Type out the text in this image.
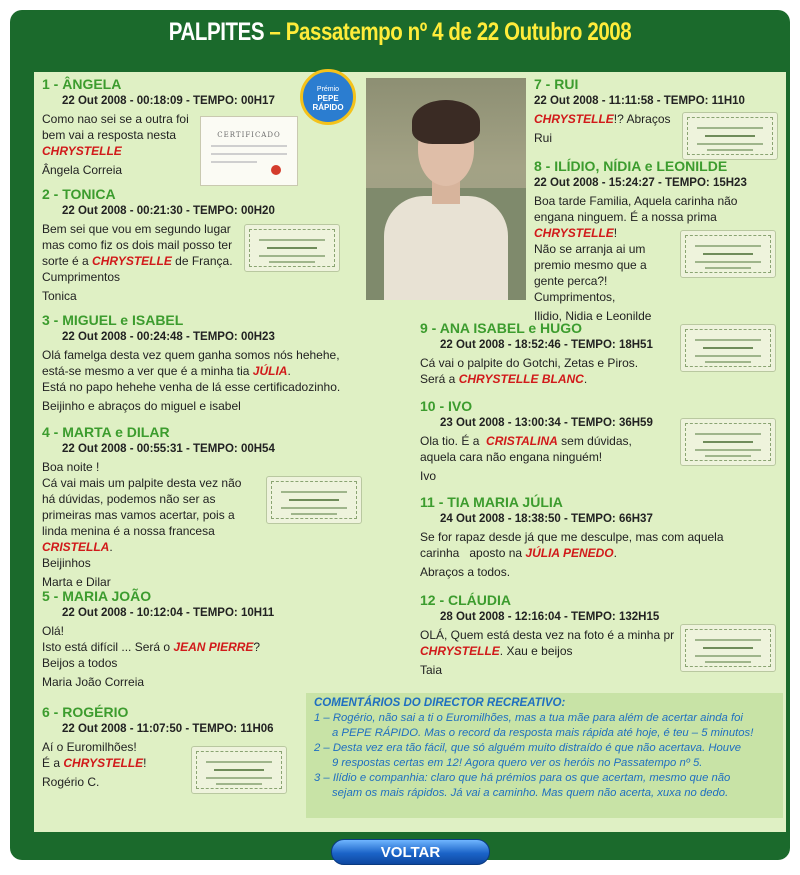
PALPITES – Passatempo nº 4 de 22 Outubro 2008
1 - ÂNGELA
22 Out 2008 - 00:18:09 - TEMPO: 00H17

Como nao sei se a outra foi

bem vai a resposta nesta

CHRYSTELLE

Ângela Correia

CERTIFICADO
2 - TONICA
22 Out 2008 - 00:21:30 - TEMPO: 00H20

Bem sei que vou em segundo lugar

mas como fiz os dois mail posso ter

sorte é a CHRYSTELLE de França.

Cumprimentos

Tonica

3 - MIGUEL e ISABEL
22 Out 2008 - 00:24:48 - TEMPO: 00H23

Olá famelga desta vez quem ganha somos nós hehehe,

está-se mesmo a ver que é a minha tia JÚLIA.

Está no papo hehehe venha de lá esse certificadozinho.

Beijinho e abraços do miguel e isabel

4 - MARTA e DILAR
22 Out 2008 - 00:55:31 - TEMPO: 00H54

Boa noite !

Cá vai mais um palpite desta vez não

há dúvidas, podemos não ser as

primeiras mas vamos acertar, pois a

linda menina é a nossa francesa

CRISTELLA.

Beijinhos

Marta e Dilar

5 - MARIA JOÃO
22 Out 2008 - 10:12:04 - TEMPO: 10H11

Olá!

Isto está difícil ... Será o JEAN PIERRE?

Beijos a todos

Maria João Correia

6 - ROGÉRIO
22 Out 2008 - 11:07:50 - TEMPO: 11H06

Aí o Euromilhões!

É a CHRYSTELLE!

Rogério C.

7 - RUI
22 Out 2008 - 11:11:58 - TEMPO: 11H10

CHRYSTELLE!? Abraços

Rui

8 - ILÍDIO, NÍDIA e LEONILDE
22 Out 2008 - 15:24:27 - TEMPO: 15H23

Boa tarde Familia, Aquela carinha não

engana ninguem. É a nossa prima

CHRYSTELLE!

Não se arranja ai um

premio mesmo que a

gente perca?!

Cumprimentos,

Ilidio, Nidia e Leonilde

9 - ANA ISABEL e HUGO
22 Out 2008 - 18:52:46 - TEMPO: 18H51

Cá vai o palpite do Gotchi, Zetas e Piros.

Será a CHRYSTELLE BLANC.

10 - IVO
23 Out 2008 - 13:00:34 - TEMPO: 36H59

Ola tio. É a  CRISTALINA sem dúvidas,

aquela cara não engana ninguém!

Ivo

11 - TIA MARIA JÚLIA
24 Out 2008 - 18:38:50 - TEMPO: 66H37

Se for rapaz desde já que me desculpe, mas com aquela

carinha   aposto na JÚLIA PENEDO.

Abraços a todos.

12 - CLÁUDIA
28 Out 2008 - 12:16:04 - TEMPO: 132H15

OLÁ, Quem está desta vez na foto é a minha pr

CHRYSTELLE. Xau e beijos

Taia

Prémio
PEPE
RÁPIDO
COMENTÁRIOS DO DIRECTOR RECREATIVO:
1 – Rogério, não sai a ti o Euromilhões, mas a tua mãe para além de acertar ainda foi
a PEPE RÁPIDO. Mas o record da resposta mais rápida até hoje, é teu – 5 minutos!
2 – Desta vez era tão fácil, que só alguém muito distraído é que não acertava. Houve
9 respostas certas em 12! Agora quero ver os heróis no Passatempo nº 5.
3 – Ilídio e companhia: claro que há prémios para os que acertam, mesmo que não
sejam os mais rápidos. Já vai a caminho. Mas quem não acerta, xuxa no dedo.
VOLTAR
